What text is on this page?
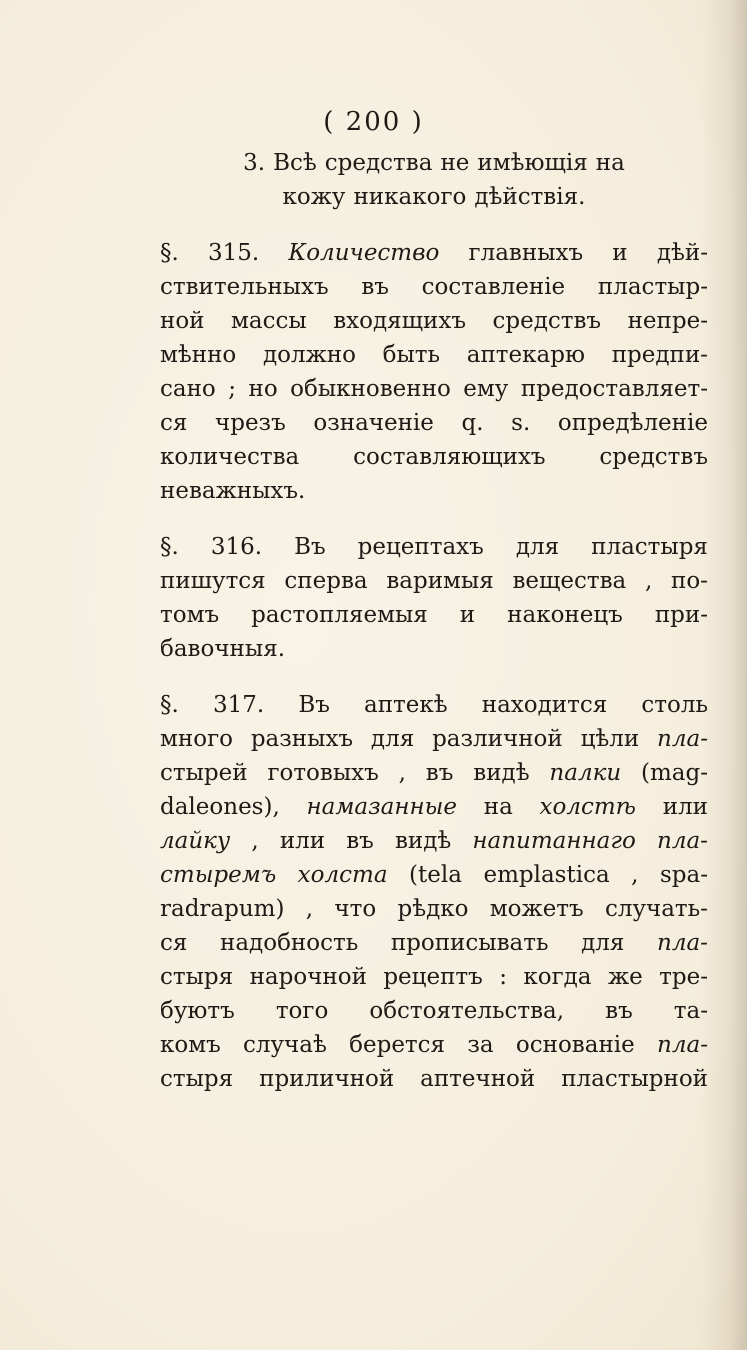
( 200 )
3. Всѣ средства не имѣющія на
кожу никакого дѣйствія.
§. 315. Количество главныхъ и дѣй-
ствительныхъ въ составленіе пластыр-
ной массы входящихъ средствъ непре-
мѣнно должно быть аптекарю предпи-
сано ; но обыкновенно ему предоставляет-
ся чрезъ означеніе q. s. опредѣленіе
количества составляющихъ средствъ
неважныхъ.
§. 316. Въ рецептахъ для пластыря
пишутся сперва варимыя вещества , по-
томъ растопляемыя и наконецъ при-
бавочныя.
§. 317. Въ аптекѣ находится столь
много разныхъ для различной цѣли пла-
стырей готовыхъ , въ видѣ палки (mag-
dalеones), намазанные на холстѣ или
лайку , или въ видѣ напитаннаго пла-
стыремъ холста (tela emplastica , spa-
radrapum) , что рѣдко можетъ случать-
ся надобность прописывать для пла-
стыря нарочной рецептъ : когда же тре-
буютъ того обстоятельства, въ та-
комъ случаѣ берется за основаніе пла-
стыря приличной аптечной пластырной
